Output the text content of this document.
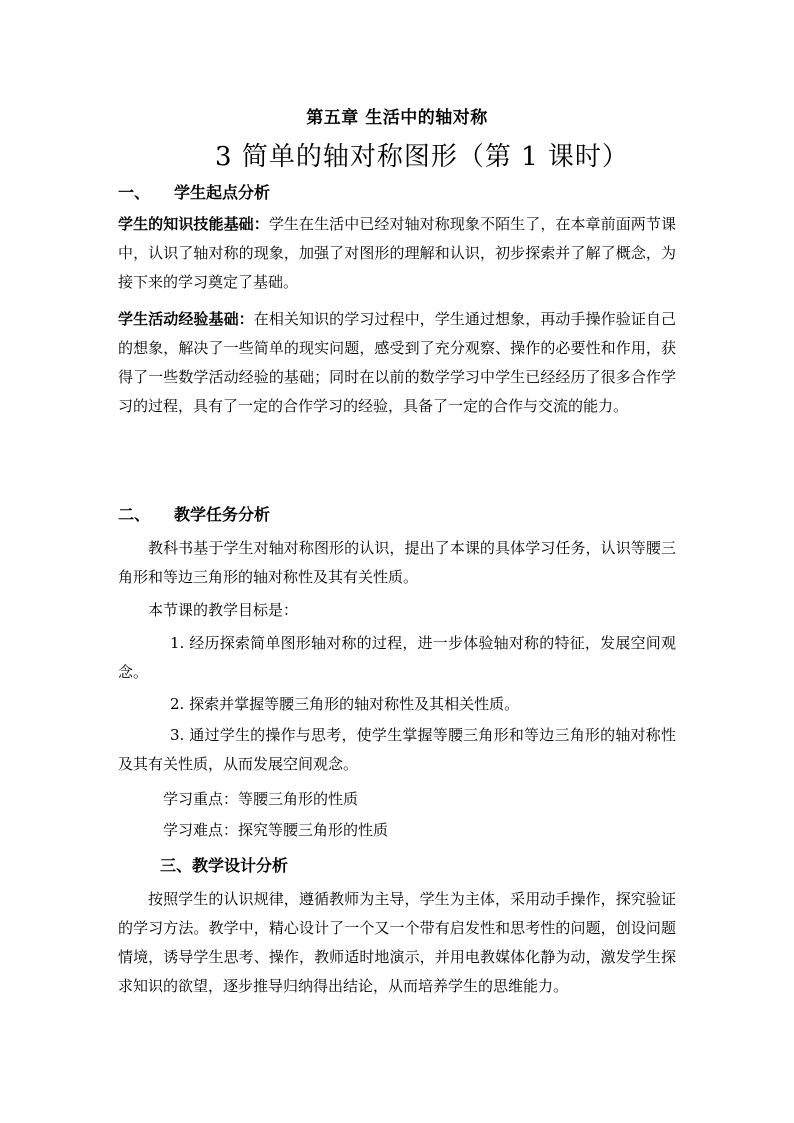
第五章 生活中的轴对称
3 简单的轴对称图形（第 1 课时）
一、 学生起点分析
学生的知识技能基础：学生在生活中已经对轴对称现象不陌生了，在本章前面两节课中，认识了轴对称的现象，加强了对图形的理解和认识，初步探索并了解了概念，为接下来的学习奠定了基础。
学生活动经验基础：在相关知识的学习过程中，学生通过想象，再动手操作验证自己的想象，解决了一些简单的现实问题，感受到了充分观察、操作的必要性和作用，获得了一些数学活动经验的基础；同时在以前的数学学习中学生已经经历了很多合作学习的过程，具有了一定的合作学习的经验，具备了一定的合作与交流的能力。
二、 教学任务分析
教科书基于学生对轴对称图形的认识，提出了本课的具体学习任务，认识等腰三角形和等边三角形的轴对称性及其有关性质。
本节课的教学目标是：
1. 经历探索简单图形轴对称的过程，进一步体验轴对称的特征，发展空间观念。
2. 探索并掌握等腰三角形的轴对称性及其相关性质。
3. 通过学生的操作与思考，使学生掌握等腰三角形和等边三角形的轴对称性及其有关性质，从而发展空间观念。
学习重点：等腰三角形的性质
学习难点：探究等腰三角形的性质
三、教学设计分析
按照学生的认识规律，遵循教师为主导，学生为主体，采用动手操作，探究验证的学习方法。教学中，精心设计了一个又一个带有启发性和思考性的问题，创设问题情境，诱导学生思考、操作，教师适时地演示，并用电教媒体化静为动，激发学生探求知识的欲望，逐步推导归纳得出结论，从而培养学生的思维能力。
